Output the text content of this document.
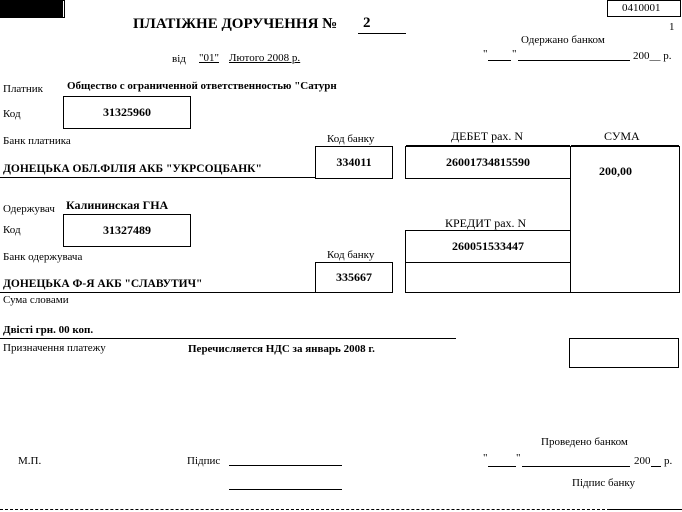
0410001
1
ПЛАТІЖНЕ ДОРУЧЕННЯ № 2
від "01" Лютого 2008 р.
Одержано банком
" "	200__ р.
Платник Общество с ограниченной ответственностью "Сатурн
Код	31325960
Банк платника
ДОНЕЦЬКА ОБЛ.ФІЛІЯ АКБ "УКРСОЦБАНК"
Код банку
334011
ДЕБЕТ рах. N
26001734815590
СУМА
200,00
Одержувач Калининская ГНА
Код	31327489	КРЕДИТ рах. N
260051533447
Банк одержувача
ДОНЕЦЬКА Ф-Я АКБ "СЛАВУТИЧ"
Код банку
335667
Сума словами
Двісті грн. 00 коп.
Призначення платежу	Перечисляется НДС за январь 2008 г.
М.П.	Підпис
Проведено банком
"	"	200 р.
Підпис банку
